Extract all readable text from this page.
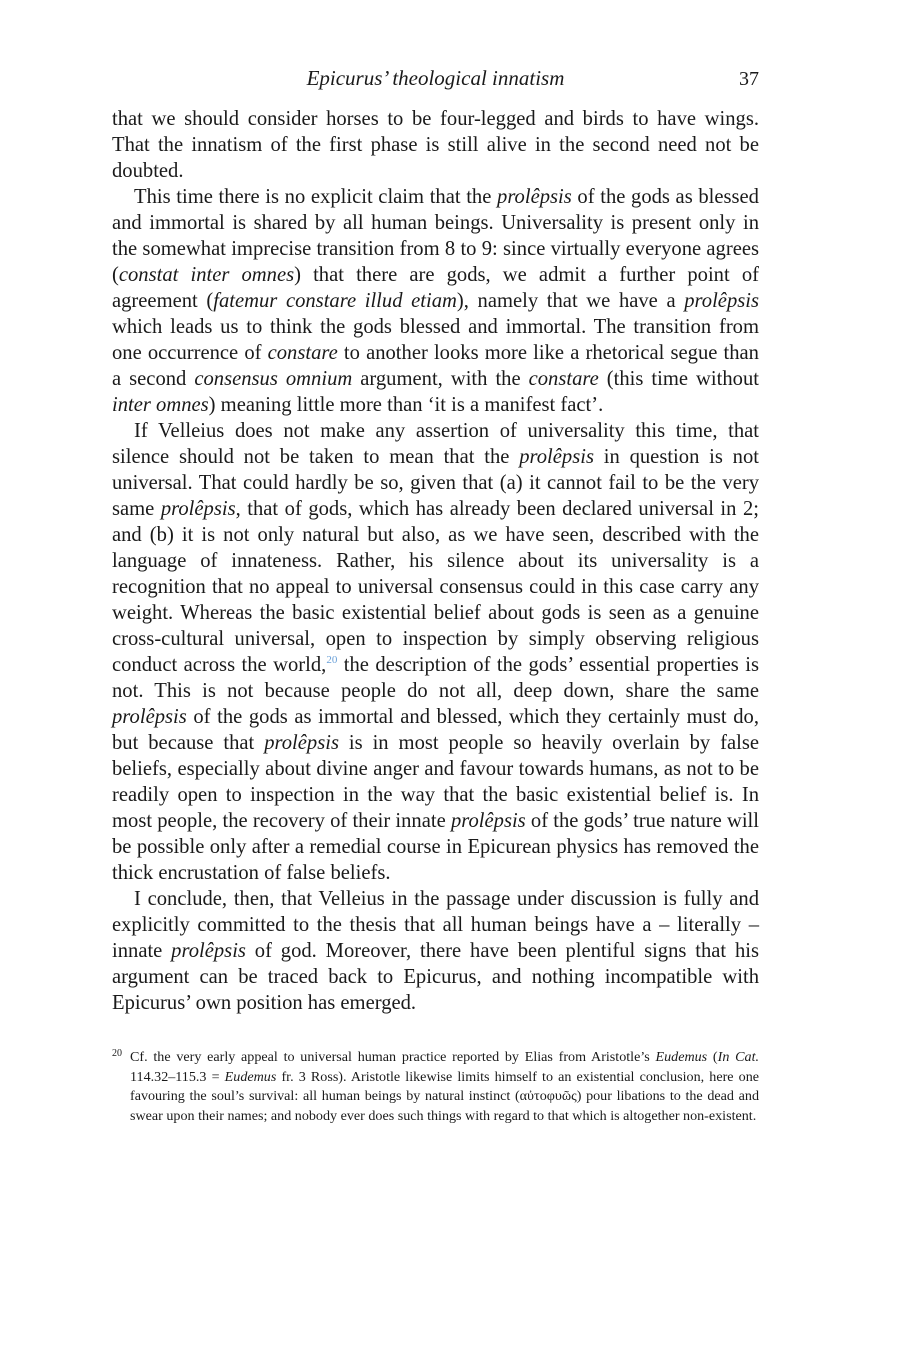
Epicurus’ theological innatism	37

that we should consider horses to be four-legged and birds to have wings. That the innatism of the first phase is still alive in the second need not be doubted.

This time there is no explicit claim that the prolêpsis of the gods as blessed and immortal is shared by all human beings. Universality is present only in the somewhat imprecise transition from 8 to 9: since virtually everyone agrees (constat inter omnes) that there are gods, we admit a further point of agreement (fatemur constare illud etiam), namely that we have a prolêpsis which leads us to think the gods blessed and immortal. The transition from one occurrence of constare to another looks more like a rhetorical segue than a second consensus omnium argument, with the constare (this time without inter omnes) meaning little more than ‘it is a manifest fact’.

If Velleius does not make any assertion of universality this time, that silence should not be taken to mean that the prolêpsis in question is not universal. That could hardly be so, given that (a) it cannot fail to be the very same prolêpsis, that of gods, which has already been declared universal in 2; and (b) it is not only natural but also, as we have seen, described with the language of innateness. Rather, his silence about its universality is a recognition that no appeal to universal consensus could in this case carry any weight. Whereas the basic existential belief about gods is seen as a genuine cross-cultural universal, open to inspection by simply observing religious conduct across the world,$^{20}$ the description of the gods’ essential properties is not. This is not because people do not all, deep down, share the same prolêpsis of the gods as immortal and blessed, which they certainly must do, but because that prolêpsis is in most people so heavily overlain by false beliefs, especially about divine anger and favour towards humans, as not to be readily open to inspection in the way that the basic existential belief is. In most people, the recovery of their innate prolêpsis of the gods’ true nature will be possible only after a remedial course in Epicurean physics has removed the thick encrustation of false beliefs.

I conclude, then, that Velleius in the passage under discussion is fully and explicitly committed to the thesis that all human beings have a – literally – innate prolêpsis of god. Moreover, there have been plentiful signs that his argument can be traced back to Epicurus, and nothing incompatible with Epicurus’ own position has emerged.

20 Cf. the very early appeal to universal human practice reported by Elias from Aristotle’s Eudemus (In Cat. 114.32–115.3 = Eudemus fr. 3 Ross). Aristotle likewise limits himself to an existential conclusion, here one favouring the soul’s survival: all human beings by natural instinct (αὐτοφυῶς) pour libations to the dead and swear upon their names; and nobody ever does such things with regard to that which is altogether non-existent.
